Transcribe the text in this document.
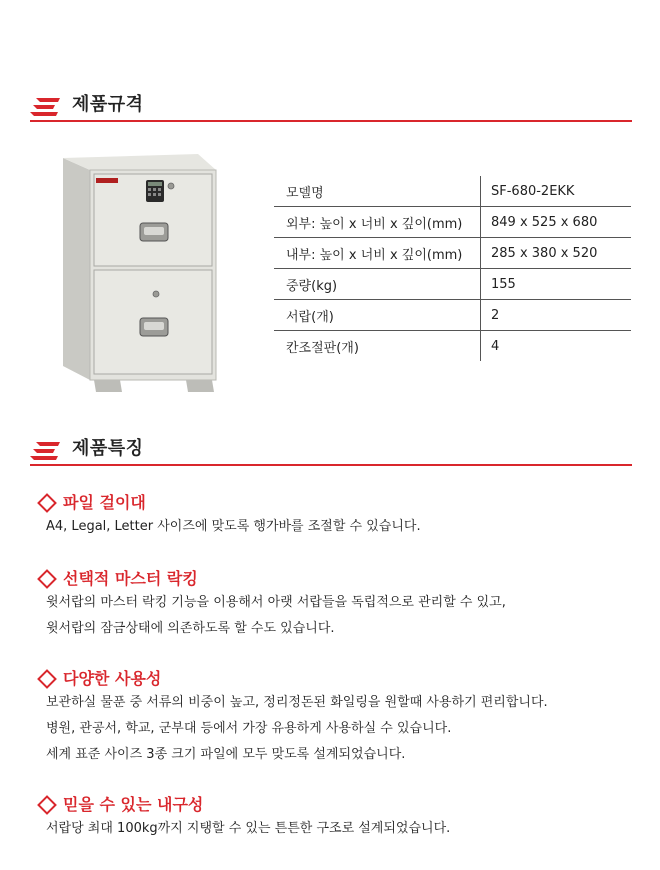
제품규격
모델명	SF-680-2EKK
외부: 높이 x 너비 x 깊이(mm)	849 x 525 x 680
내부: 높이 x 너비 x 깊이(mm)	285 x 380 x 520
중량(kg)	155
서랍(개)	2
칸조절판(개)	4
제품특징
파일 걸이대
A4, Legal, Letter 사이즈에 맞도록 행가바를 조절할 수 있습니다.
선택적 마스터 락킹
윗서랍의 마스터 락킹 기능을 이용해서 아랫 서랍들을 독립적으로 관리할 수 있고,
윗서랍의 잠금상태에 의존하도록 할 수도 있습니다.
다양한 사용성
보관하실 물푼 중 서류의 비중이 높고, 정리정돈된 화일링을 원할때 사용하기 편리합니다.
병원, 관공서, 학교, 군부대 등에서 가장 유용하게 사용하실 수 있습니다.
세계 표준 사이즈 3종 크기 파일에 모두 맞도록 설계되었습니다.
믿을 수 있는 내구성
서랍당 최대 100kg까지 지탱할 수 있는 튼튼한 구조로 설계되었습니다.
